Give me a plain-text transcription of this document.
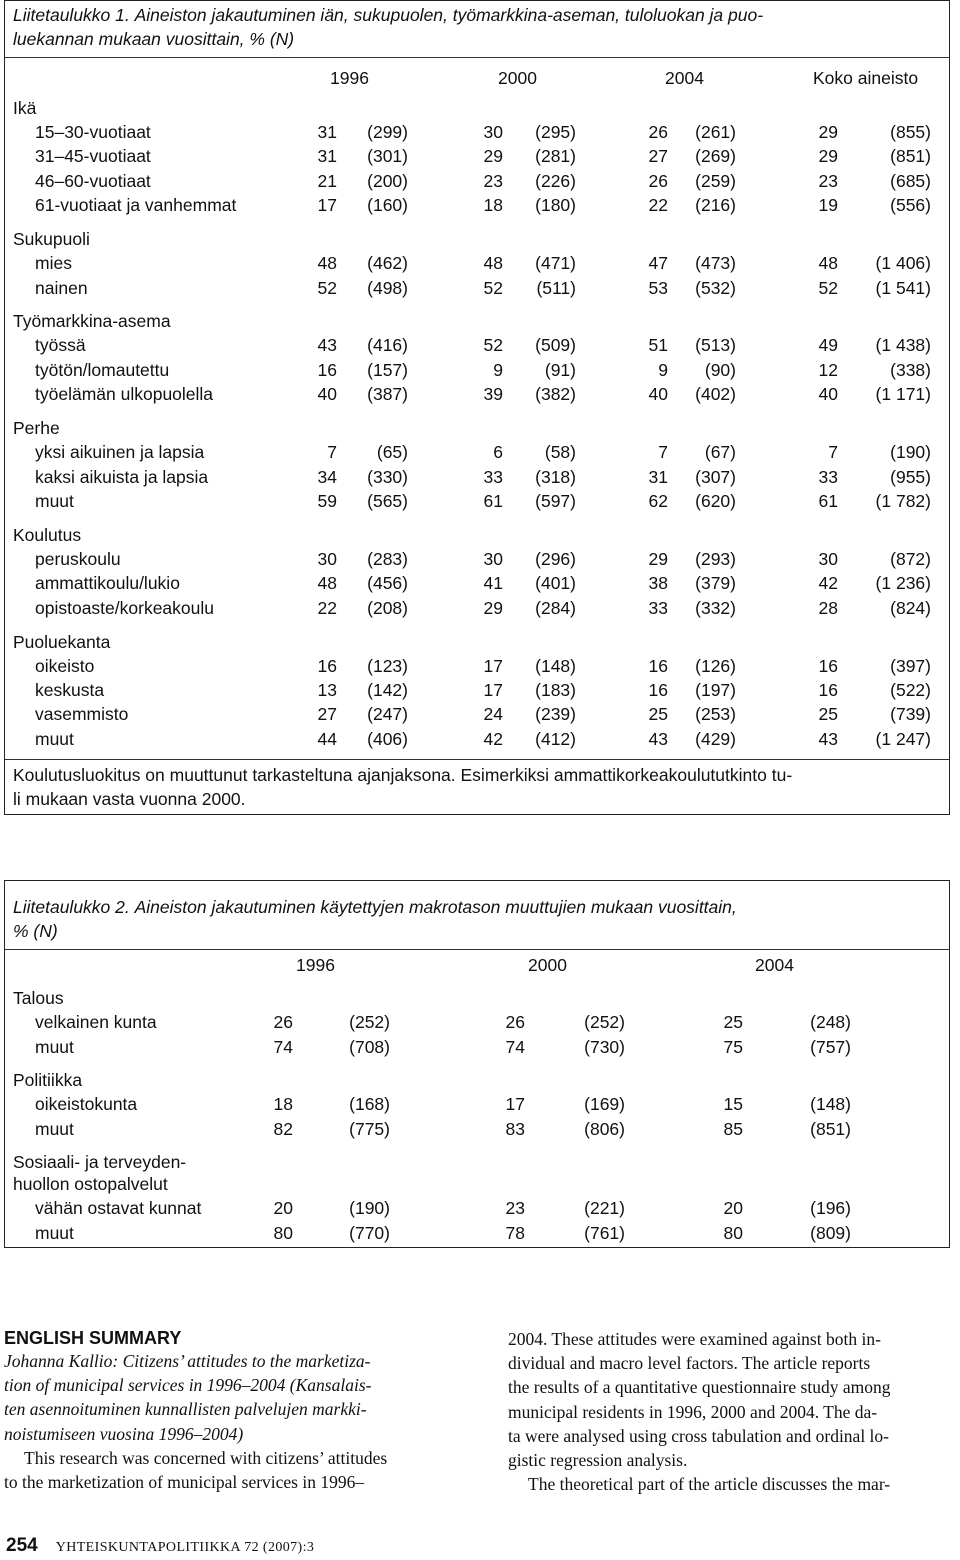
Liitetaulukko 1. Aineiston jakautuminen iän, sukupuolen, työmarkkina-aseman, tuloluokan ja puo-
luekannan mukaan vuosittain, % (N)
1996	2000	2004	Koko aineisto
Ikä
15–30-vuotiaat	31 (299)	30 (295)	26 (261)	29	(855)
31–45-vuotiaat	31 (301)	29 (281)	27 (269)	29	(851)
46–60-vuotiaat	21 (200)	23 (226)	26 (259)	23	(685)
61-vuotiaat ja vanhemmat	17 (160)	18 (180)	22 (216)	19	(556)
Sukupuoli
mies	48 (462)	48 (471)	47 (473)	48 (1 406)
nainen	52 (498)	52 (511)	53 (532)	52 (1 541)
Työmarkkina-asema
työssä	43 (416)	52 (509)	51 (513)	49 (1 438)
työtön/lomautettu	16 (157)	9 (91)	9 (90)	12	(338)
työelämän ulkopuolella	40 (387)	39 (382)	40 (402)	40 (1 171)
Perhe
yksi aikuinen ja lapsia	7 (65)	6 (58)	7 (67)	7	(190)
kaksi aikuista ja lapsia	34 (330)	33 (318)	31 (307)	33	(955)
muut	59 (565)	61 (597)	62 (620)	61 (1 782)
Koulutus
peruskoulu	30 (283)	30 (296)	29 (293)	30	(872)
ammattikoulu/lukio	48 (456)	41 (401)	38 (379)	42 (1 236)
opistoaste/korkeakoulu	22 (208)	29 (284)	33 (332)	28	(824)
Puoluekanta
oikeisto	16 (123)	17 (148)	16 (126)	16	(397)
keskusta	13 (142)	17 (183)	16 (197)	16	(522)
vasemmisto	27 (247)	24 (239)	25 (253)	25	(739)
muut	44 (406)	42 (412)	43 (429)	43 (1 247)
Koulutusluokitus on muuttunut tarkasteltuna ajanjaksona. Esimerkiksi ammattikorkeakoulututkinto tu-
li mukaan vasta vuonna 2000.
Liitetaulukko 2. Aineiston jakautuminen käytettyjen makrotason muuttujien mukaan vuosittain,
% (N)
1996	2000	2004
Talous
velkainen kunta	26	(252)	26	(252)	25	(248)
muut	74	(708)	74	(730)	75	(757)
Politiikka
oikeistokunta	18	(168)	17	(169)	15	(148)
muut	82	(775)	83	(806)	85	(851)
Sosiaali- ja terveyden-
huollon ostopalvelut
vähän ostavat kunnat	20	(190)	23	(221)	20	(196)
muut	80	(770)	78	(761)	80	(809)
ENGLISH SUMMARY
Johanna Kallio: Citizens’ attitudes to the marketiza-
tion of municipal services in 1996–2004 (Kansalais-
ten asennoituminen kunnallisten palvelujen markki-
noistumiseen vuosina 1996–2004)
This research was concerned with citizens’ attitudes
to the marketization of municipal services in 1996–
2004. These attitudes were examined against both in-
dividual and macro level factors. The article reports
the results of a quantitative questionnaire study among
municipal residents in 1996, 2000 and 2004. The da-
ta were analysed using cross tabulation and ordinal lo-
gistic regression analysis.
The theoretical part of the article discusses the mar-
254 YHTEISKUNTAPOLITIIKKA 72 (2007):3
